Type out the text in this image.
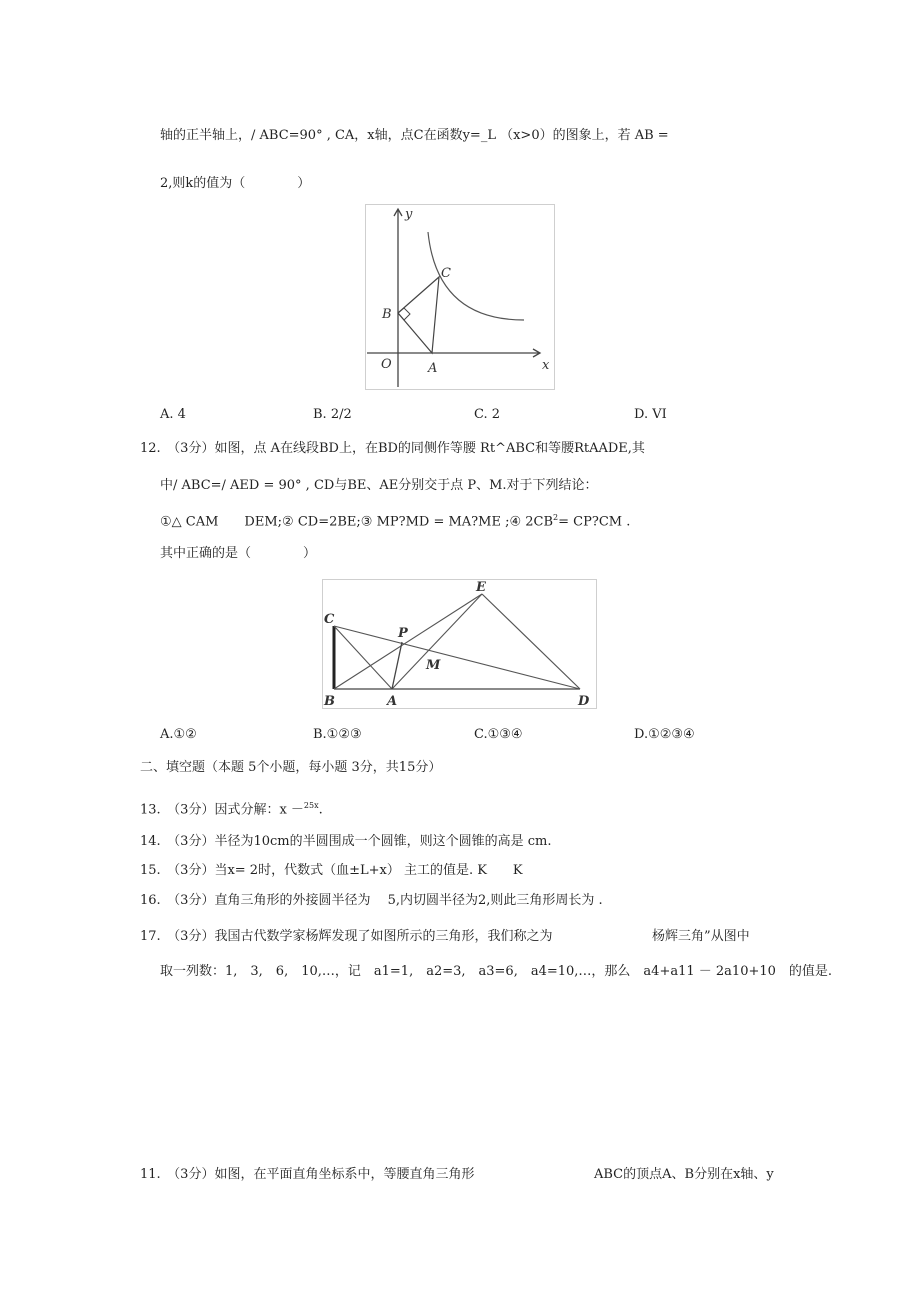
轴的正半轴上，/ ABC=90° , CA，x轴，点C在函数y=_L （x>0）的图象上，若 AB =
2,则k的值为（　　　　）
y
x
O	A
B
C
A. 4	B. 2/2	C. 2	D. VI
12.　（3分）如图，点 A在线段BD上，在BD的同侧作等腰 Rt^ABC和等腰RtAADE,其
中/ ABC=/ AED = 90° , CD与BE、AE分别交于点 P、M.对于下列结论：
①△ CAM　　DEM;② CD=2BE;③ MP?MD = MA?ME ;④ $2CB^2=$ CP?CM .
其中正确的是（　　　　）
C
B	A
P
M
E
D
A.①②	B.①②③	C.①③④	D.①②③④
二、填空题（本题 5个小题，每小题 3分，共15分）
13.　（3分）因式分解：x －$^{25x}$.
14.　（3分）半径为10cm的半圆围成一个圆锥，则这个圆锥的高是 cm.
15.　（3分）当x= 2时，代数式（血±L+x） 主工的值是. K　　K
16.　（3分）直角三角形的外接圆半径为　 5,内切圆半径为2,则此三角形周长为 .
17.　（3分）我国古代数学家杨辉发现了如图所示的三角形，我们称之为	杨辉三角”从图中
取一列数：1,　3,　6,　10,…，记　a1=1,　a2=3,　a3=6,　a4=10,…，那么　a4+a11 － 2a10+10　的值是.
11.　（3分）如图，在平面直角坐标系中，等腰直角三角形	ABC的顶点A、B分别在x轴、y
